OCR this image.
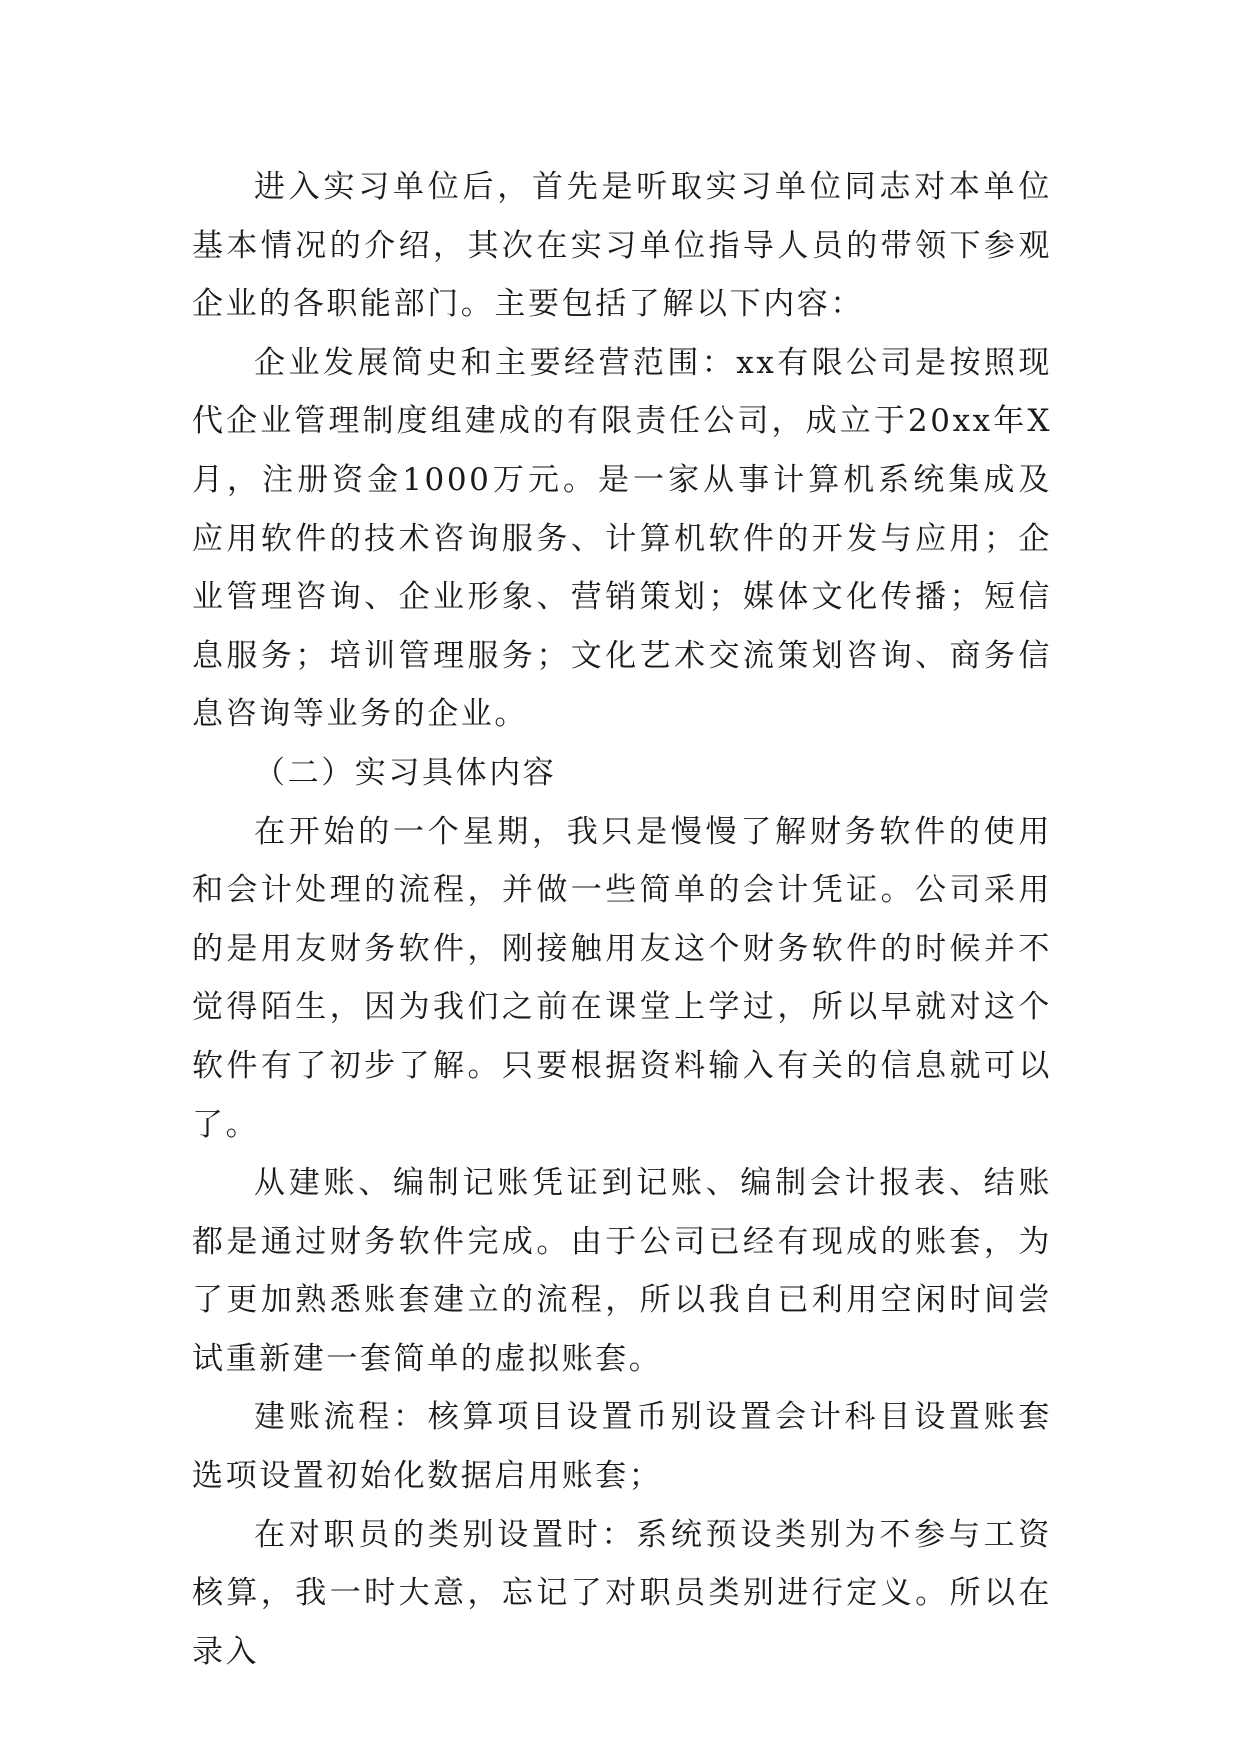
进入实习单位后，首先是听取实习单位同志对本单位基本情况的介绍，其次在实习单位指导人员的带领下参观企业的各职能部门。主要包括了解以下内容：

企业发展简史和主要经营范围：xx有限公司是按照现代企业管理制度组建成的有限责任公司，成立于20xx年X月，注册资金1000万元。是一家从事计算机系统集成及应用软件的技术咨询服务、计算机软件的开发与应用；企业管理咨询、企业形象、营销策划；媒体文化传播；短信息服务；培训管理服务；文化艺术交流策划咨询、商务信息咨询等业务的企业。

（二）实习具体内容

在开始的一个星期，我只是慢慢了解财务软件的使用和会计处理的流程，并做一些简单的会计凭证。公司采用的是用友财务软件，刚接触用友这个财务软件的时候并不觉得陌生，因为我们之前在课堂上学过，所以早就对这个软件有了初步了解。只要根据资料输入有关的信息就可以了。

从建账、编制记账凭证到记账、编制会计报表、结账都是通过财务软件完成。由于公司已经有现成的账套，为了更加熟悉账套建立的流程，所以我自已利用空闲时间尝试重新建一套简单的虚拟账套。

建账流程：核算项目设置币别设置会计科目设置账套选项设置初始化数据启用账套；

在对职员的类别设置时：系统预设类别为不参与工资核算，我一时大意，忘记了对职员类别进行定义。所以在录入
